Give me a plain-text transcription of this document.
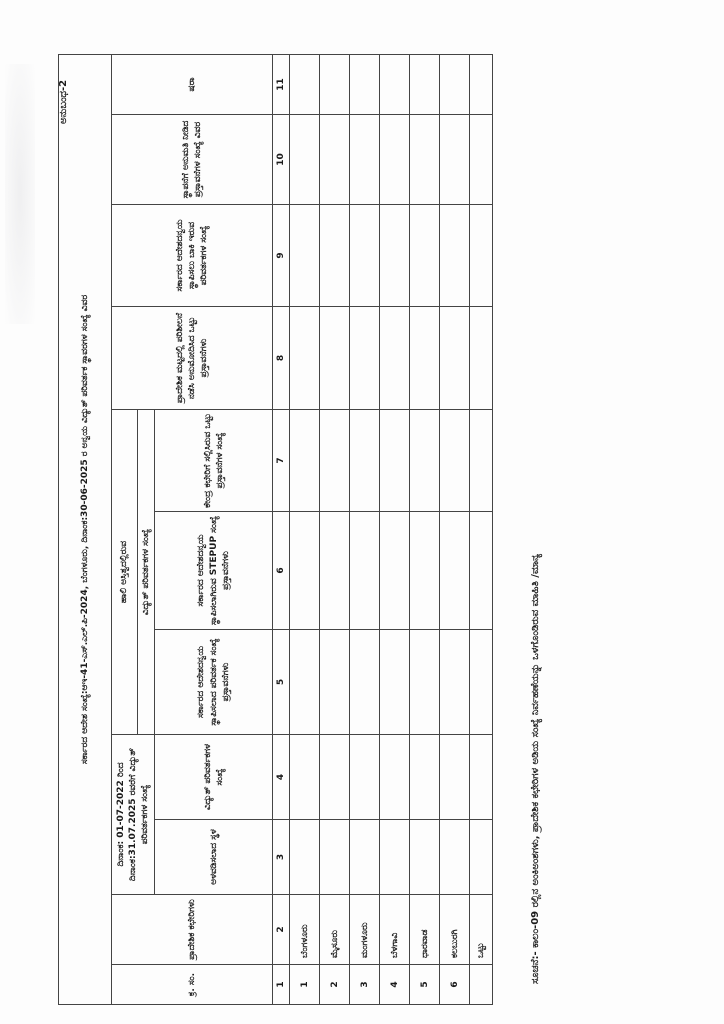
ಅನುಬಂಧ-2
ಸರ್ಕಾರದ ಆದೇಶ ಸಂಖ್ಯೆ:ಆಇ-41-ಎಸ್.ಎಲ್.ಪಿ-2024, ಬೆಂಗಳೂರು, ದಿನಾಂಕ:30-06-2025 ರ ಅನ್ವಯ ವಿದ್ಯುತ್ ಪರಿವರ್ತಕ ಸ್ಥಾವರಗಳ ಸಂಖ್ಯೆ ವಿವರ										
ಕ್ರ. ಸಂ.	ಪ್ರಾದೇಶಿಕ ಕಛೇರಿಗಳು	ದಿನಾಂಕ: 01-07-2022 ರಿಂದ ದಿನಾಂಕ:31.07.2025 ರವರೆಗೆ ವಿದ್ಯುತ್ ಪರಿವರ್ತಕಗಳ ಸಂಖ್ಯೆ		ಹಾಲಿ ಅಸ್ತಿತ್ವದಲ್ಲಿರುವ			ಪ್ರಾದೇಶಿಕ ಮಟ್ಟದಲ್ಲಿ ಪರಿಶೀಲನೆ ನಡೆಸಿ ಅನುಮೋದಿಸಿದ ಒಟ್ಟು ಪ್ರಸ್ತಾವನೆಗಳು	ಸರ್ಕಾರದ ಆದೇಶದನ್ವಯ ಸ್ಥಾಪಿಸಲು ಬಾಕಿ ಇರುವ ಪರಿವರ್ತಕಗಳ ಸಂಖ್ಯೆ	ಸ್ಥಾಪನೆಗೆ ಅನುಮತಿ ನೀಡಿದ ಪ್ರಸ್ತಾವನೆಗಳ ಸಂಖ್ಯೆ ವಿವರ	ಷರಾ
				ವಿದ್ಯುತ್ ಪರಿವರ್ತಕಗಳ ಸಂಖ್ಯೆ						
		ಅಳವಡಿಸಲಾದ ಸ್ಥಳ	ವಿದ್ಯುತ್ ಪರಿವರ್ತಕಗಳ ಸಂಖ್ಯೆ	ಸರ್ಕಾರದ ಆದೇಶದನ್ವಯ ಸ್ಥಾಪಿಸಲಾದ ಪರಿವರ್ತಕ ಸಂಖ್ಯೆ ಪ್ರಸ್ತಾವನೆಗಳು	ಸರ್ಕಾರದ ಆದೇಶದನ್ವಯ ಸ್ಥಾಪಿಸಲಾಗಿರುವ STEPUP ಸಂಖ್ಯೆ ಪ್ರಸ್ತಾವನೆಗಳು	ಕೇಂದ್ರ ಕಛೇರಿಗೆ ಸಲ್ಲಿಸಿರುವ ಒಟ್ಟು ಪ್ರಸ್ತಾವನೆಗಳ ಸಂಖ್ಯೆ				
1	2	3	4	5	6	7	8	9	10	11
1	ಬೆಂಗಳೂರು									
2	ಮೈಸೂರು									
3	ಮಂಗಳೂರು									
4	ಬೆಳಗಾವಿ									
5	ಧಾರವಾಡ									
6	ಕಲಬುರಗಿ									
	ಒಟ್ಟು										ಸೂಚನೆ:- ಕಾಲಂ-09 ರಲ್ಲಿನ ಅಂಕಿಅಂಶಗಳು, ಪ್ರಾದೇಶಿಕ ಕಛೇರಿಗಳ ಅಡಿಯ ಸಂಖ್ಯೆ ನಿರ್ವಹಣೆಯನ್ನು ಒಳಗೊಂಡಿರುವ ಮಾಹಿತಿ /ಮಾನ್ಯ
